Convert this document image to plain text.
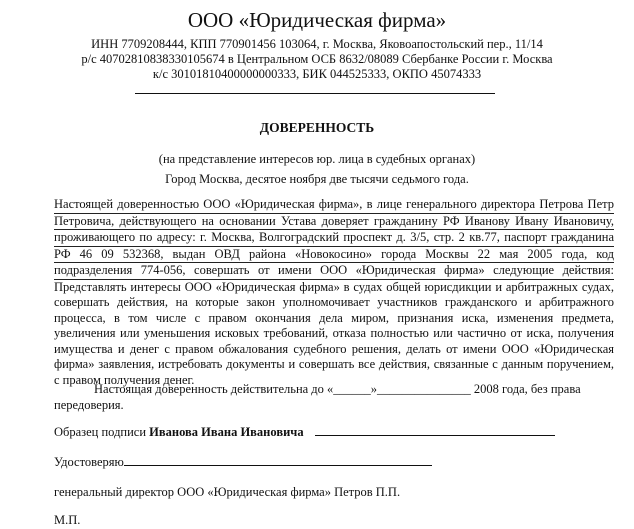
ООО «Юридическая фирма»
ИНН 7709208444, КПП 770901456 103064, г. Москва, Яковоапостольский пер., 11/14
р/с 40702810838330105674 в Центральном ОСБ 8632/08089 Сбербанке России г. Москва
к/с 30101810400000000333, БИК 044525333, ОКПО 45074333
ДОВЕРЕННОСТЬ
(на представление интересов юр. лица в судебных органах)
Город Москва, десятое ноября две тысячи седьмого года.
Настоящей доверенностью ООО «Юридическая фирма», в лице генерального директора Петрова Петр
Петровича, действующего на основании Устава доверяет гражданину РФ Иванову Ивану Ивановичу,
проживающего по адресу: г. Москва, Волгоградский проспект д. 3/5, стр. 2 кв.77, паспорт гражданина
РФ 46 09 532368, выдан ОВД района «Новокосино» города Москвы 22 мая 2005 года, код
подразделения 774-056, совершать от имени ООО «Юридическая фирма» следующие действия:
Представлять интересы ООО «Юридическая фирма» в судах общей юрисдикции и арбитражных судах,
совершать действия, на которые закон уполномочивает участников гражданского и арбитражного
процесса, в том числе с правом окончания дела миром, признания иска, изменения предмета,
увеличения или уменьшения исковых требований, отказа полностью или частично от иска, получения
имущества и денег с правом обжалования судебного решения, делать от имени ООО «Юридическая
фирма» заявления, истребовать документы и совершать все действия, связанные с данным поручением,
с правом получения денег.
Настоящая доверенность действительна до «______»_______________ 2008 года, без права
передоверия.
Образец подписи Иванова Ивана Ивановича
Удостоверяю
генеральный директор ООО «Юридическая фирма» Петров П.П.
М.П.
